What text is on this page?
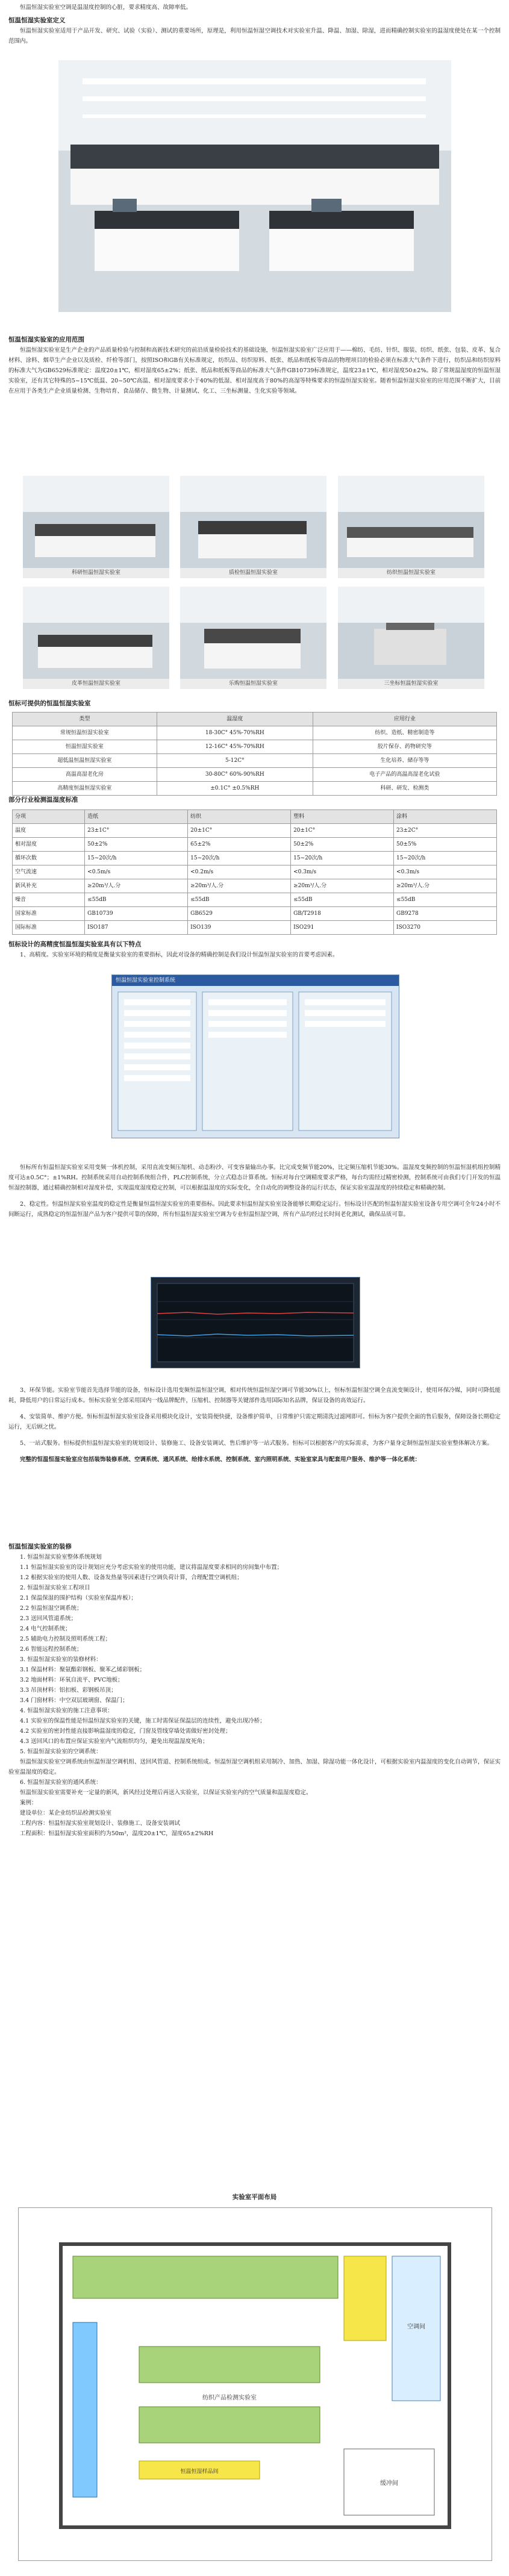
恒温恒湿实验室空调是温湿度控制的心脏，要求精度高、故障率低。

恒温恒湿实验室定义

恒温恒湿实验室适用于产品开发、研究、试验（实验）、测试的重要场所，原理是，利用恒温恒湿空调技术对实验室升温、降温、加湿、除湿，进而精确控制实验室的温湿度使处在某一个控制范围内。

恒温恒湿实验室的应用范围

恒温恒湿实验室是生产企业的产品质量检验与控制和高新技术研究的前沿质量检验技术的基础设施，恒温恒湿实验室广泛应用于——棉纺、毛纺、针织、服装、纺织、纸张、包装、皮革、复合材料、涂料、烟草生产企业以及质检、纤检等部门，按照ISO和GB有关标准规定，纺织品、纺织原料、纸张、纸品和纸板等商品的物理项目的检验必须在标准大气条件下进行，纺织品和纺织原料的标准大气为GB6529标准规定：温度20±1℃，相对湿度65±2%；纸张、纸品和纸板等商品的标准大气条件GB10739标准规定，温度23±1℃，相对湿度50±2%。除了常规温湿度的恒温恒湿实验室，还有其它特殊的5~15℃低温、20~50℃高温、相对湿度要求小于40%的低湿、相对湿度高于80%的高湿等特殊要求的恒温恒湿实验室。随着恒温恒湿实验室的应用范围不断扩大，目前在应用于各类生产企业质量检测、生物培育、食品储存、微生物、计量测试、化工、三坐标测量、生化实验等领域。

科研恒温恒湿实验室	质检恒温恒湿实验室	纺织恒温恒湿实验室
皮革恒温恒湿实验室	乐购恒温恒湿实验室	三坐标恒温恒湿实验室

恒标可提供的恒温恒湿实验室

类型	温湿度	应用行业
常规恒温恒湿实验室	18-30C° 45%-70%RH	纺织、造纸、精密制造等
恒温恒湿实验室	12-16C° 45%-70%RH	胶片保存、药物研究等
超低温恒温恒湿实验室	5-12C°	生化培养、储存等等
高温高湿老化房	30-80C° 60%-90%RH	电子产品的高温高湿老化试验
高精度恒温恒湿实验室	±0.1C° ±0.5%RH	科研、研发、检测类

部分行业检测温湿度标准

分项	造纸	纺织	塑料	涂料
温度	23±1C°	20±1C°	20±1C°	23±2C°
相对湿度	50±2%	65±2%	50±2%	50±5%
循环次数	15~20次/h	15~20次/h	15~20次/h	15~20次/h
空气流速	<0.5m/s	<0.2m/s	<0.3m/s	<0.3m/s
新风补充	≥20m³/人.分	≥20m³/人.分	≥20m³/人.分	≥20m³/人.分
噪音	≤55dB	≤55dB	≤55dB	≤55dB
国家标准	GB10739	GB6529	GB/T2918	GB9278
国际标准	ISO187	ISO139	ISO291	ISO3270

恒标设计的高精度恒温恒湿实验室具有以下特点

1、高精度。实验室环境的精度是衡量实验室的重要指标，因此对设备的精确控制是我们设计恒温恒湿实验室的首要考虑因素。

恒温恒湿实验室控制系统

恒标所有恒温恒湿实验室采用变频一体机控制，采用直流变频压缩机、动态粉沙、可变容量输出办事。比完成变频节能20%，比定频压缩机节能30%。温湿度变频控制的恒温恒湿机组控制精度可达±0.5C°；±1%RH。控制系统采用自动控制系统组合件，PLC控制系统，分立式稳态计算系统。恒标对每台空调精度要求严格，每台均需经过精密检测，控制系统可由我们专门开发的恒温恒湿控制器，通过精确控制相对湿度补偿，实现温度湿度稳定控制，可以根据温湿度的实际变化，全自动化的调整设备的运行状态，保证实验室温湿度的持续稳定和精确控制。

2、稳定性。恒温恒湿实验室温度的稳定性是衡量恒温恒湿实验室的重要指标。因此要求恒温恒湿实验室设备能够长期稳定运行。恒标设计匹配的恒温恒湿实验室设备专用空调可全年24小时不间断运行，成熟稳定的恒温恒湿产品为客户提供可靠的保障，所有恒温恒湿实验室空调为专业恒温恒湿空调，所有产品均经过长时间老化测试，确保品质可靠。

3、环保节能。实验室节能首先选择节能的设备，恒标设计选用变频恒温恒湿空调，相对传统恒温恒湿空调可节能30%以上，恒标恒温恒湿空调全直流变频设计，使用环保冷媒，同时可降低能耗，降低用户的日常运行成本。恒标实验室全部采用国内一线品牌配件，压缩机、控制器等关键部件选用国际知名品牌，保证设备的高效运行。

4、安装简单、维护方便。恒标恒温恒湿实验室设备采用模块化设计，安装简便快捷，设备维护简单，日常维护只需定期清洗过滤网即可。恒标为客户提供全面的售后服务，保障设备长期稳定运行，无后顾之忧。

5、一站式服务。恒标提供恒温恒湿实验室的规划设计、装修施工、设备安装调试、售后维护等一站式服务。恒标可以根据客户的实际需求，为客户量身定制恒温恒湿实验室整体解决方案。

完整的恒温恒湿实验室应包括装饰装修系统、空调系统、通风系统、给排水系统、控制系统、室内照明系统、实验室家具与配套用户服务、维护等一体化系统：

恒温恒湿实验室的装修

1. 恒温恒湿实验室整体系统规划

1.1 恒温恒湿实验室的设计规划应充分考虑实验室的使用功能，建议将温湿度要求相同的房间集中布置；

1.2 根据实验室的使用人数、设备发热量等因素进行空调负荷计算，合理配置空调机组；

2. 恒温恒湿实验室工程项目

2.1 保温保湿的围护结构（实验室保温库板）；

2.2 恒温恒湿空调系统；

2.3 送回风管道系统；

2.4 电气控制系统；

2.5 辅助电力控制及照明系统工程；

2.6 智能远程控制系统；

3. 恒温恒湿实验室的装修材料：

3.1 保温材料：聚氨酯彩钢板、聚苯乙烯彩钢板；

3.2 地面材料：环氧自流平、PVC地板；

3.3 吊顶材料：铝扣板、彩钢板吊顶；

3.4 门窗材料：中空双层玻璃窗、保温门；

4. 恒温恒湿实验室的施工注意事项：

4.1 实验室的保温性能是恒温恒湿实验室的关键，施工时需保证保温层的连续性，避免出现冷桥；

4.2 实验室的密封性能直接影响温湿度的稳定，门窗及管线穿墙处需做好密封处理；

4.3 送回风口的布置应保证实验室内气流组织均匀，避免出现温湿度死角；

5. 恒温恒湿实验室的空调系统：

恒温恒湿实验室空调系统由恒温恒湿空调机组、送回风管道、控制系统组成。恒温恒湿空调机组采用制冷、加热、加湿、除湿功能一体化设计，可根据实验室内温湿度的变化自动调节，保证实验室温湿度的稳定。

6. 恒温恒湿实验室的通风系统：

恒温恒湿实验室需要补充一定量的新风，新风经过处理后再送入实验室，以保证实验室内的空气质量和温湿度稳定。

案例：

建设单位：某企业纺织品检测实验室

工程内容：恒温恒湿实验室规划设计、装修施工、设备安装调试

工程面积：恒温恒湿实验室面积约为50m²，温度20±1℃，湿度65±2%RH

实验室平面布局

空调间
纺织产品检测实验室
缓冲间
恒温恒湿样品间
